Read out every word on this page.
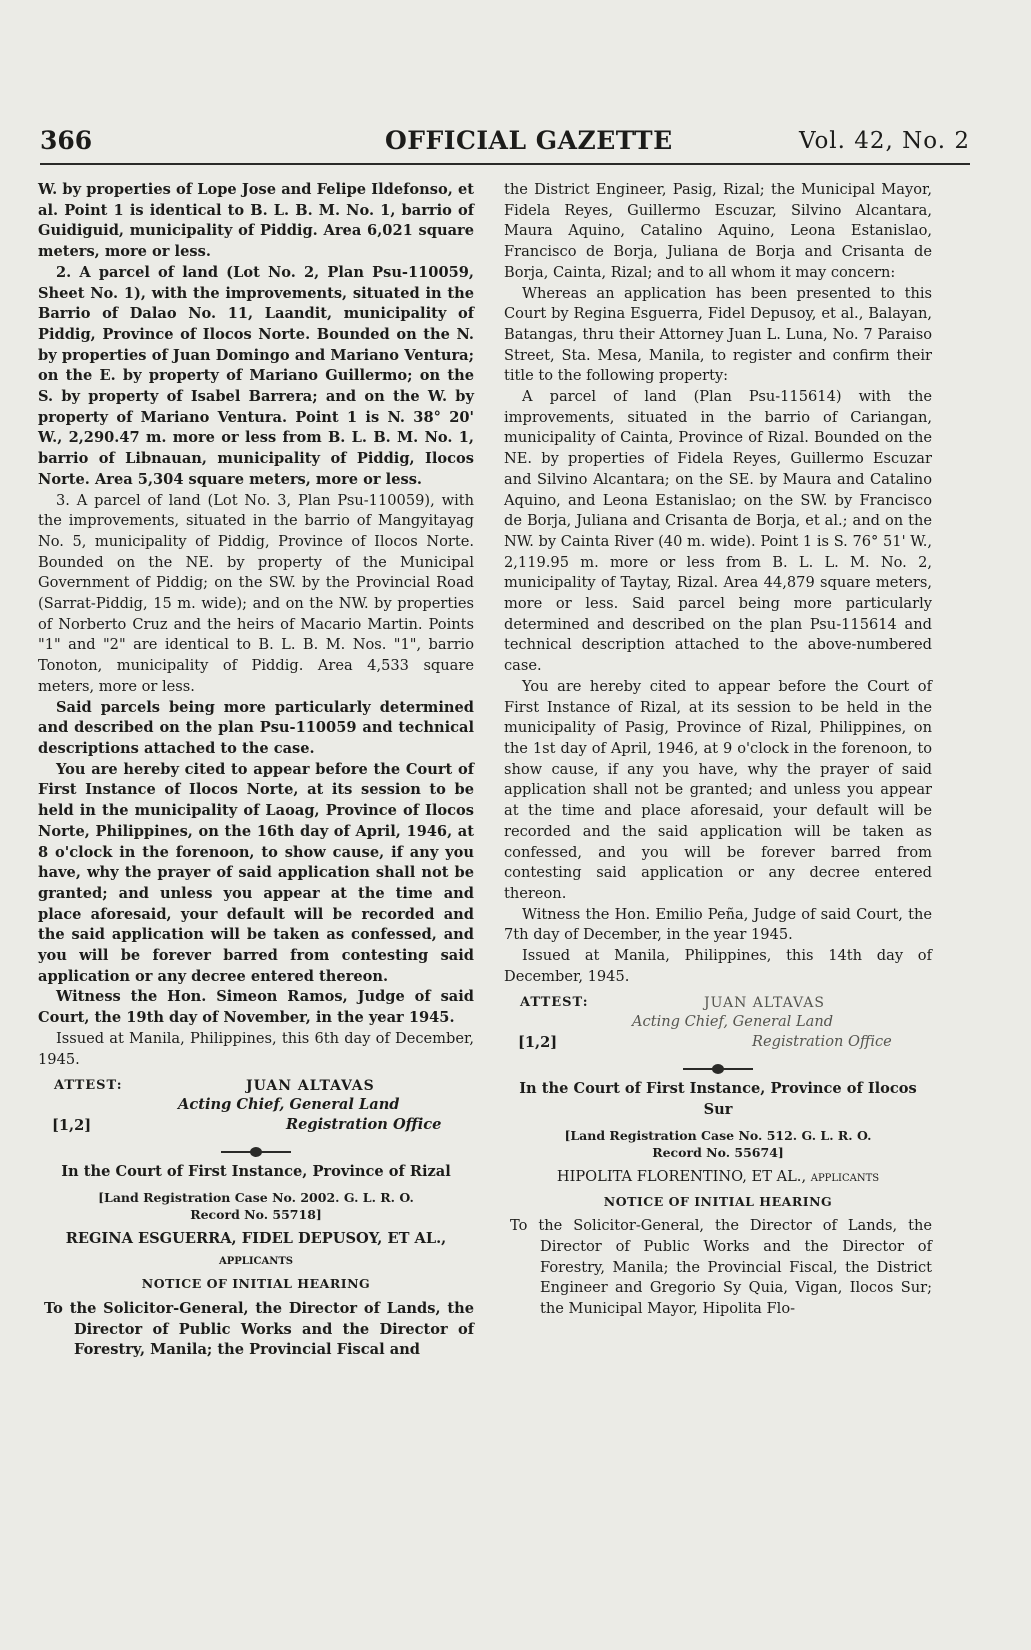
366	OFFICIAL GAZETTE	Vol. 42, No. 2

W. by properties of Lope Jose and Felipe Ildefonso, et al. Point 1 is identical to B. L. B. M. No. 1, barrio of Guidiguid, municipality of Piddig. Area 6,021 square meters, more or less.

2. A parcel of land (Lot No. 2, Plan Psu-110059, Sheet No. 1), with the improvements, situated in the Barrio of Dalao No. 11, Laandit, municipality of Piddig, Province of Ilocos Norte. Bounded on the N. by properties of Juan Domingo and Mariano Ventura; on the E. by property of Mariano Guillermo; on the S. by property of Isabel Barrera; and on the W. by property of Mariano Ventura. Point 1 is N. 38° 20' W., 2,290.47 m. more or less from B. L. B. M. No. 1, barrio of Libnauan, municipality of Piddig, Ilocos Norte. Area 5,304 square meters, more or less.

3. A parcel of land (Lot No. 3, Plan Psu-110059), with the improvements, situated in the barrio of Mangyitayag No. 5, municipality of Piddig, Province of Ilocos Norte. Bounded on the NE. by property of the Municipal Government of Piddig; on the SW. by the Provincial Road (Sarrat-Piddig, 15 m. wide); and on the NW. by properties of Norberto Cruz and the heirs of Macario Martin. Points "1" and "2" are identical to B. L. B. M. Nos. "1", barrio Tonoton, municipality of Piddig. Area 4,533 square meters, more or less.

Said parcels being more particularly determined and described on the plan Psu-110059 and technical descriptions attached to the case.

You are hereby cited to appear before the Court of First Instance of Ilocos Norte, at its session to be held in the municipality of Laoag, Province of Ilocos Norte, Philippines, on the 16th day of April, 1946, at 8 o'clock in the forenoon, to show cause, if any you have, why the prayer of said application shall not be granted; and unless you appear at the time and place aforesaid, your default will be recorded and the said application will be taken as confessed, and you will be forever barred from contesting said application or any decree entered thereon.

Witness the Hon. Simeon Ramos, Judge of said Court, the 19th day of November, in the year 1945.

Issued at Manila, Philippines, this 6th day of December, 1945.

ATTEST:	JUAN ALTAVAS
Acting Chief, General Land
Registration Office
[1,2]
In the Court of First Instance, Province of Rizal
[Land Registration Case No. 2002. G. L. R. O.
Record No. 55718]
REGINA ESGUERRA, FIDEL DEPUSOY, ET AL., applicants
NOTICE OF INITIAL HEARING

To the Solicitor-General, the Director of Lands, the Director of Public Works and the Director of Forestry, Manila; the Provincial Fiscal and

the District Engineer, Pasig, Rizal; the Municipal Mayor, Fidela Reyes, Guillermo Escuzar, Silvino Alcantara, Maura Aquino, Catalino Aquino, Leona Estanislao, Francisco de Borja, Juliana de Borja and Crisanta de Borja, Cainta, Rizal; and to all whom it may concern:

Whereas an application has been presented to this Court by Regina Esguerra, Fidel Depusoy, et al., Balayan, Batangas, thru their Attorney Juan L. Luna, No. 7 Paraiso Street, Sta. Mesa, Manila, to register and confirm their title to the following property:

A parcel of land (Plan Psu-115614) with the improvements, situated in the barrio of Cariangan, municipality of Cainta, Province of Rizal. Bounded on the NE. by properties of Fidela Reyes, Guillermo Escuzar and Silvino Alcantara; on the SE. by Maura and Catalino Aquino, and Leona Estanislao; on the SW. by Francisco de Borja, Juliana and Crisanta de Borja, et al.; and on the NW. by Cainta River (40 m. wide). Point 1 is S. 76° 51' W., 2,119.95 m. more or less from B. L. L. M. No. 2, municipality of Taytay, Rizal. Area 44,879 square meters, more or less. Said parcel being more particularly determined and described on the plan Psu-115614 and technical description attached to the above-numbered case.

You are hereby cited to appear before the Court of First Instance of Rizal, at its session to be held in the municipality of Pasig, Province of Rizal, Philippines, on the 1st day of April, 1946, at 9 o'clock in the forenoon, to show cause, if any you have, why the prayer of said application shall not be granted; and unless you appear at the time and place aforesaid, your default will be recorded and the said application will be taken as confessed, and you will be forever barred from contesting said application or any decree entered thereon.

Witness the Hon. Emilio Peña, Judge of said Court, the 7th day of December, in the year 1945.

Issued at Manila, Philippines, this 14th day of December, 1945.

ATTEST:	JUAN ALTAVAS
Acting Chief, General Land
Registration Office
[1,2]
In the Court of First Instance, Province of Ilocos Sur
[Land Registration Case No. 512. G. L. R. O.
Record No. 55674]
HIPOLITA FLORENTINO, ET AL., applicants
NOTICE OF INITIAL HEARING

To the Solicitor-General, the Director of Lands, the Director of Public Works and the Director of Forestry, Manila; the Provincial Fiscal, the District Engineer and Gregorio Sy Quia, Vigan, Ilocos Sur; the Municipal Mayor, Hipolita Flo-
